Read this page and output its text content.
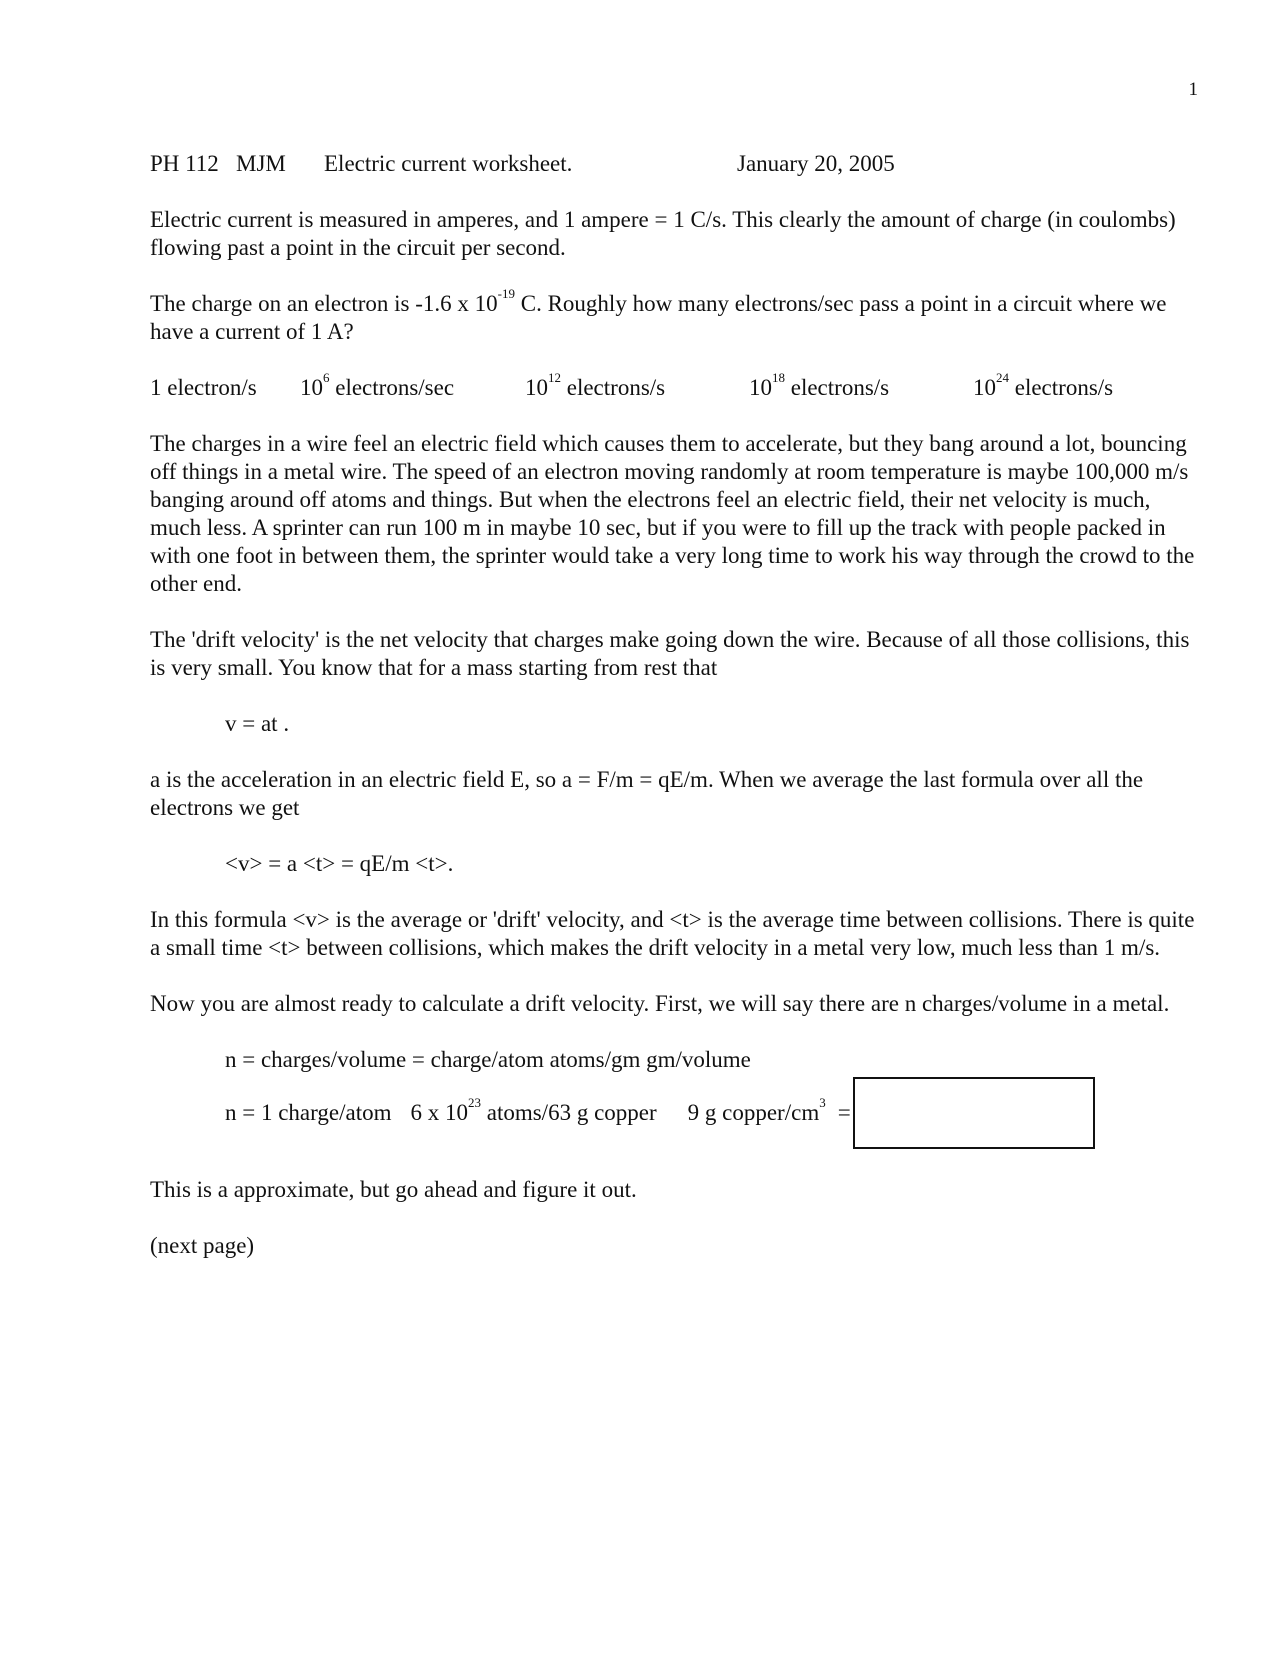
1
PH 112 MJM	Electric current worksheet.	January 20, 2005

Electric current is measured in amperes, and 1 ampere = 1 C/s. This clearly the amount of charge (in coulombs) flowing past a point in the circuit per second.

The charge on an electron is -1.6 x $10^{-19}$ C. Roughly how many electrons/sec pass a point in a circuit where we have a current of 1 A?

1 electron/s	$10^6$ electrons/sec	$10^{12}$ electrons/s	$10^{18}$ electrons/s	$10^{24}$ electrons/s

The charges in a wire feel an electric field which causes them to accelerate, but they bang around a lot, bouncing off things in a metal wire. The speed of an electron moving randomly at room temperature is maybe 100,000 m/s banging around off atoms and things. But when the electrons feel an electric field, their net velocity is much, much less. A sprinter can run 100 m in maybe 10 sec, but if you were to fill up the track with people packed in with one foot in between them, the sprinter would take a very long time to work his way through the crowd to the other end.

The 'drift velocity' is the net velocity that charges make going down the wire. Because of all those collisions, this is very small. You know that for a mass starting from rest that

v = at .

a is the acceleration in an electric field E, so a = F/m = qE/m. When we average the last formula over all the electrons we get

<v> = a <t> = qE/m <t>.

In this formula <v> is the average or 'drift' velocity, and <t> is the average time between collisions. There is quite a small time <t> between collisions, which makes the drift velocity in a metal very low, much less than 1 m/s.

Now you are almost ready to calculate a drift velocity. First, we will say there are n charges/volume in a metal.

n = charges/volume = charge/atom atoms/gm gm/volume

n = 1 charge/atom 6 x $10^{23}$ atoms/63 g copper 9 g copper/$cm^3$ =

This is a approximate, but go ahead and figure it out.

(next page)
